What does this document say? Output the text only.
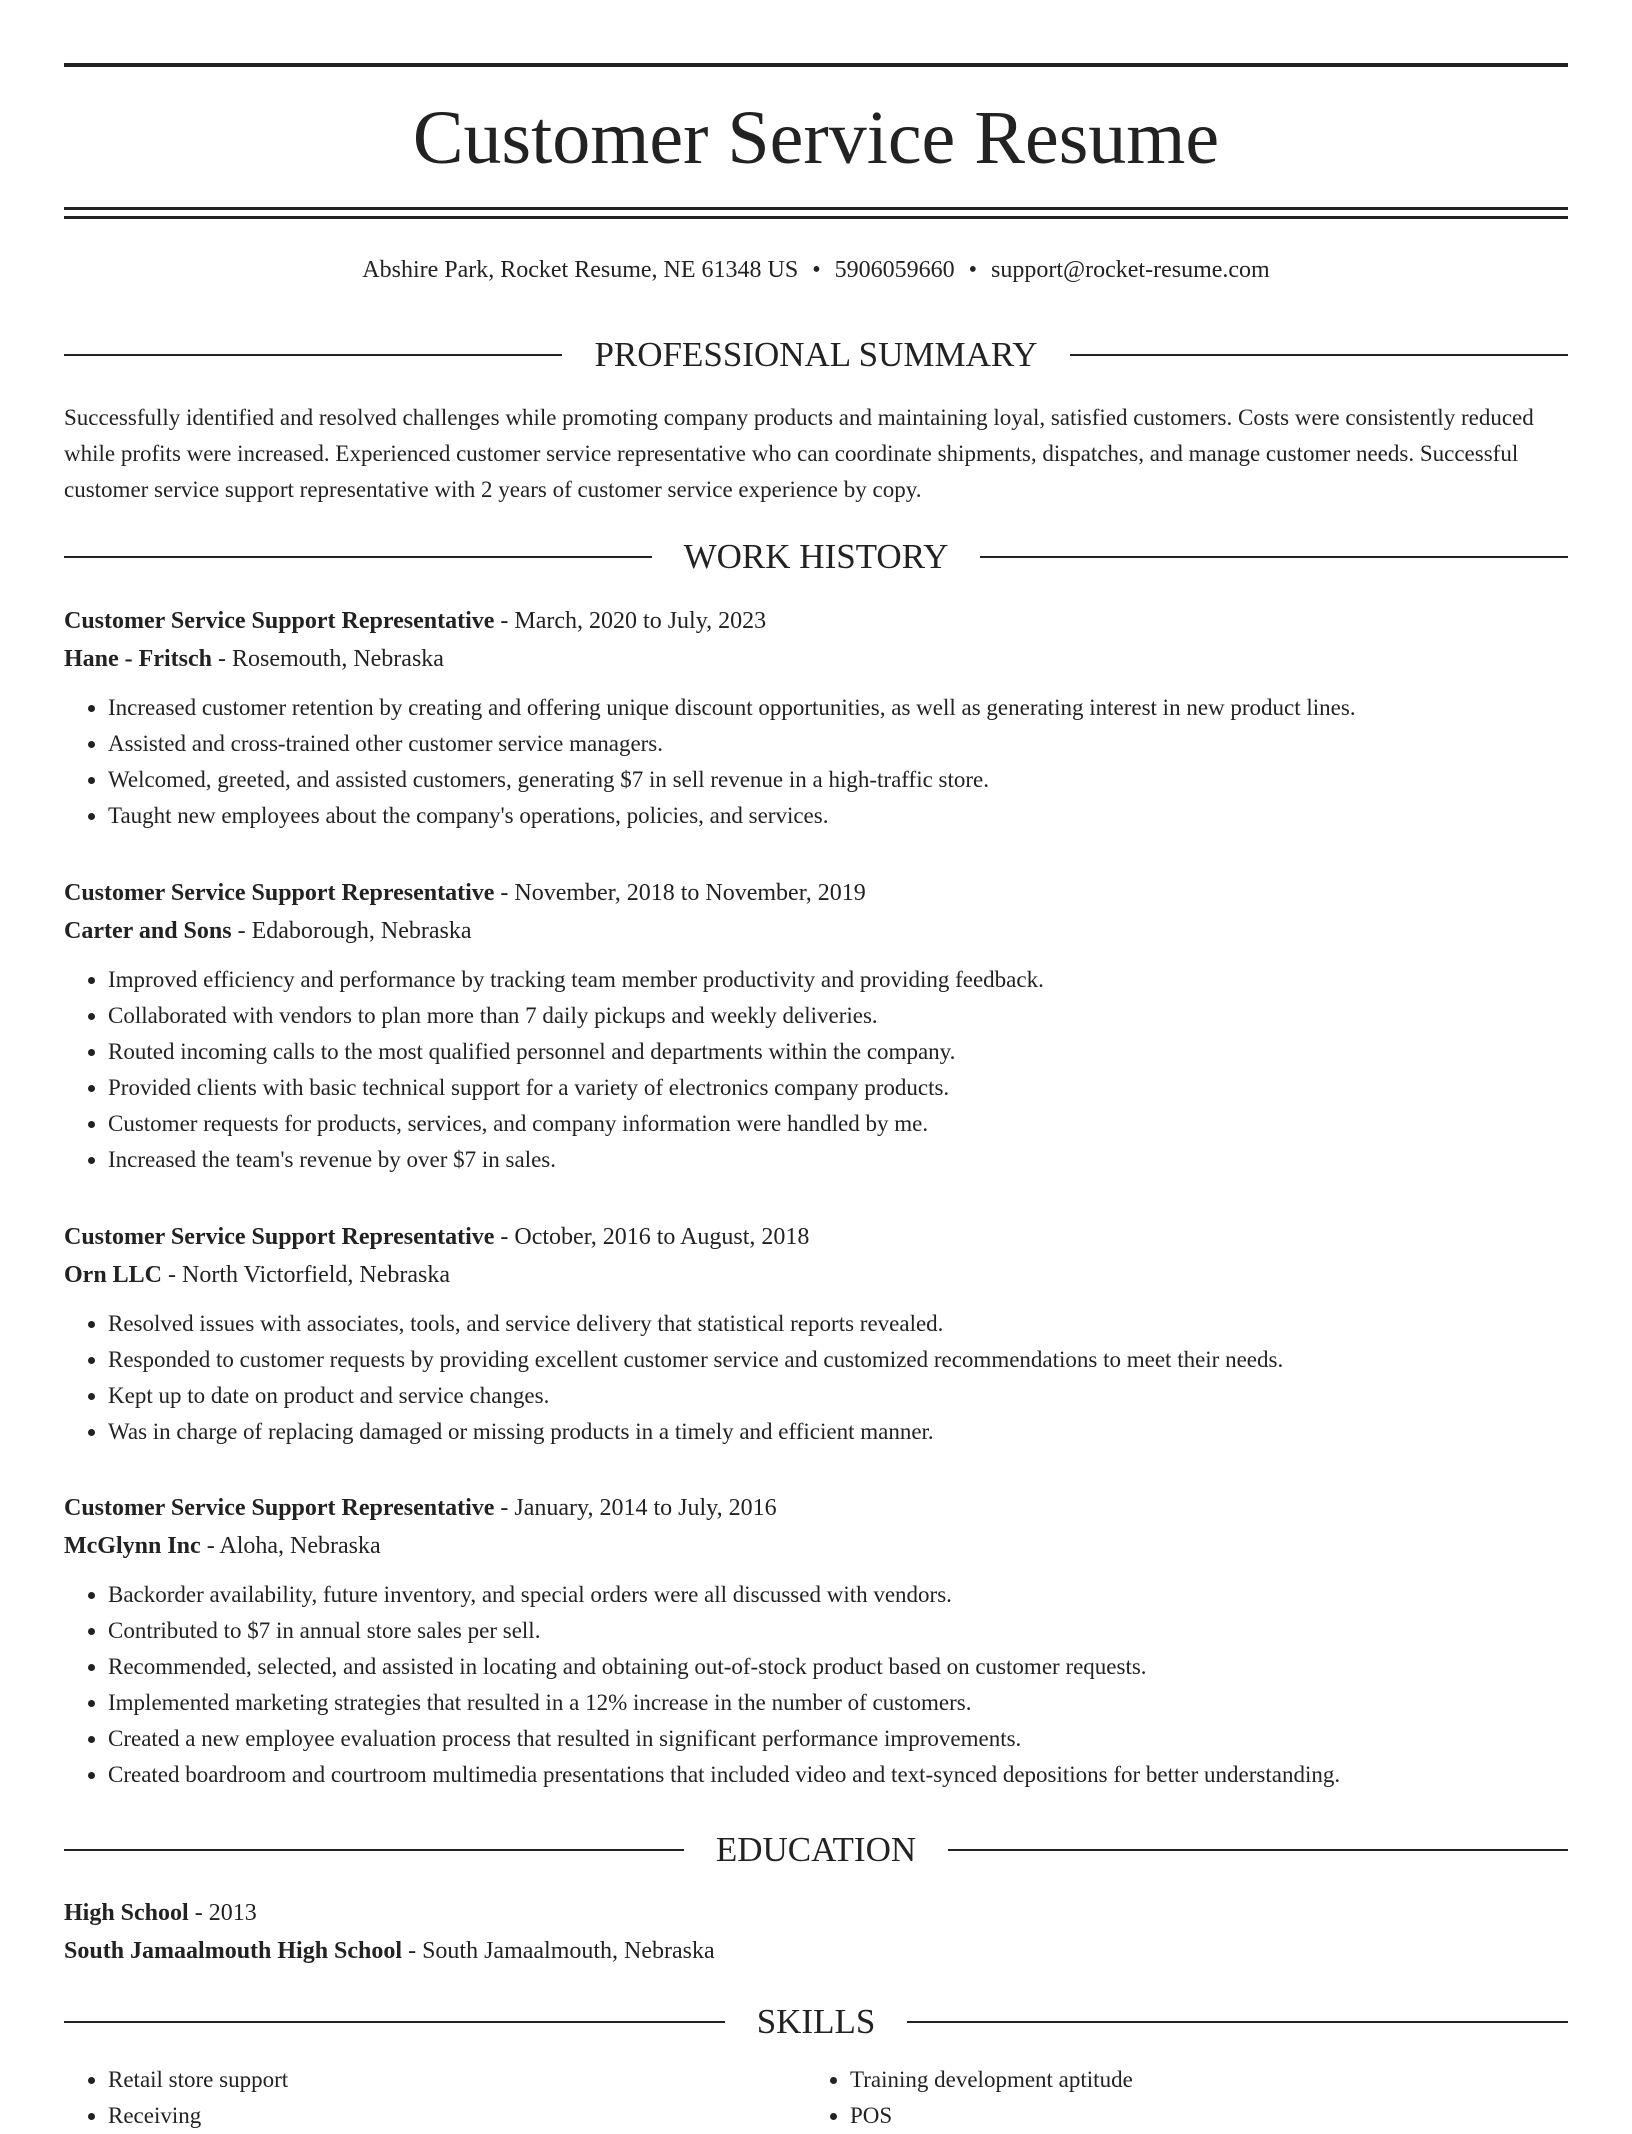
Customer Service Resume
Abshire Park, Rocket Resume, NE 61348 US • 5906059660 • support@rocket-resume.com
PROFESSIONAL SUMMARY
Successfully identified and resolved challenges while promoting company products and maintaining loyal, satisfied customers. Costs were consistently reduced while profits were increased. Experienced customer service representative who can coordinate shipments, dispatches, and manage customer needs. Successful customer service support representative with 2 years of customer service experience by copy.
WORK HISTORY
Customer Service Support Representative - March, 2020 to July, 2023
Hane - Fritsch - Rosemouth, Nebraska
• Increased customer retention by creating and offering unique discount opportunities, as well as generating interest in new product lines.
• Assisted and cross-trained other customer service managers.
• Welcomed, greeted, and assisted customers, generating $7 in sell revenue in a high-traffic store.
• Taught new employees about the company's operations, policies, and services.
Customer Service Support Representative - November, 2018 to November, 2019
Carter and Sons - Edaborough, Nebraska
• Improved efficiency and performance by tracking team member productivity and providing feedback.
• Collaborated with vendors to plan more than 7 daily pickups and weekly deliveries.
• Routed incoming calls to the most qualified personnel and departments within the company.
• Provided clients with basic technical support for a variety of electronics company products.
• Customer requests for products, services, and company information were handled by me.
• Increased the team's revenue by over $7 in sales.
Customer Service Support Representative - October, 2016 to August, 2018
Orn LLC - North Victorfield, Nebraska
• Resolved issues with associates, tools, and service delivery that statistical reports revealed.
• Responded to customer requests by providing excellent customer service and customized recommendations to meet their needs.
• Kept up to date on product and service changes.
• Was in charge of replacing damaged or missing products in a timely and efficient manner.
Customer Service Support Representative - January, 2014 to July, 2016
McGlynn Inc - Aloha, Nebraska
• Backorder availability, future inventory, and special orders were all discussed with vendors.
• Contributed to $7 in annual store sales per sell.
• Recommended, selected, and assisted in locating and obtaining out-of-stock product based on customer requests.
• Implemented marketing strategies that resulted in a 12% increase in the number of customers.
• Created a new employee evaluation process that resulted in significant performance improvements.
• Created boardroom and courtroom multimedia presentations that included video and text-synced depositions for better understanding.
EDUCATION
High School - 2013
South Jamaalmouth High School - South Jamaalmouth, Nebraska
SKILLS
• Retail store support
• Receiving
• Training development aptitude
• POS
